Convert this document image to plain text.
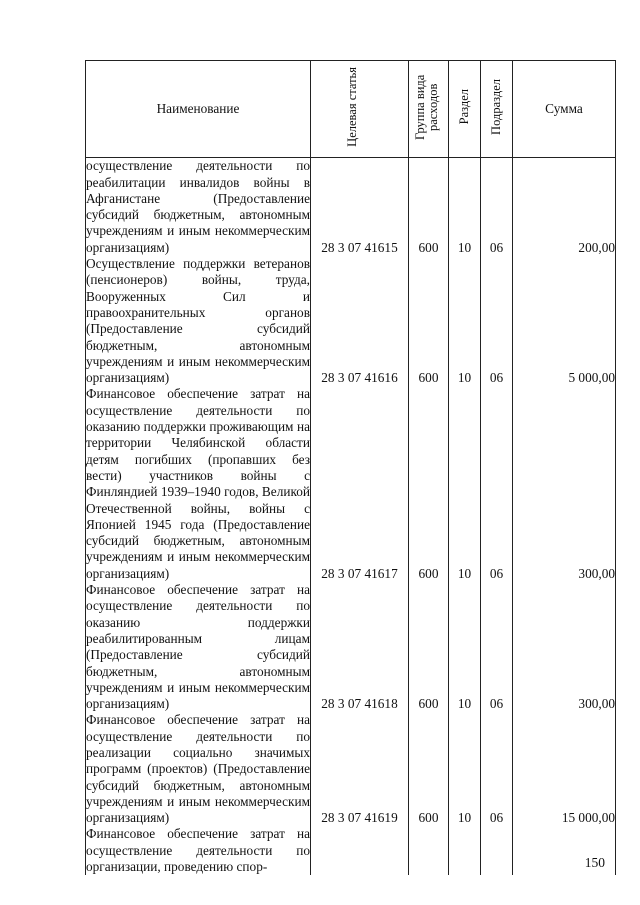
Наименование	Целевая статья	Группа вида расходов	Раздел	Подраздел	Сумма
осуществление деятельности по реабилитации инвалидов войны в Афганистане (Предоставление субсидий бюджетным, автономным учреждениям и иным некоммерческим организациям)	28 3 07 41615	600	10	06	200,00
Осуществление поддержки ветеранов (пенсионеров) войны, труда, Вооруженных Сил и правоохранительных органов (Предоставление субсидий бюджетным, автономным учреждениям и иным некоммерческим организациям)	28 3 07 41616	600	10	06	5 000,00
Финансовое обеспечение затрат на осуществление деятельности по оказанию поддержки проживающим на территории Челябинской области детям погибших (пропавших без вести) участников войны с Финляндией 1939–1940 годов, Великой Отечественной войны, войны с Японией 1945 года (Предоставление субсидий бюджетным, автономным учреждениям и иным некоммерческим организациям)	28 3 07 41617	600	10	06	300,00
Финансовое обеспечение затрат на осуществление деятельности по оказанию поддержки реабилитированным лицам (Предоставление субсидий бюджетным, автономным учреждениям и иным некоммерческим организациям)	28 3 07 41618	600	10	06	300,00
Финансовое обеспечение затрат на осуществление деятельности по реализации социально значимых программ (проектов) (Предоставление субсидий бюджетным, автономным учреждениям и иным некоммерческим организациям)	28 3 07 41619	600	10	06	15 000,00
Финансовое обеспечение затрат на осуществление деятельности по организации, проведению спор-						150
